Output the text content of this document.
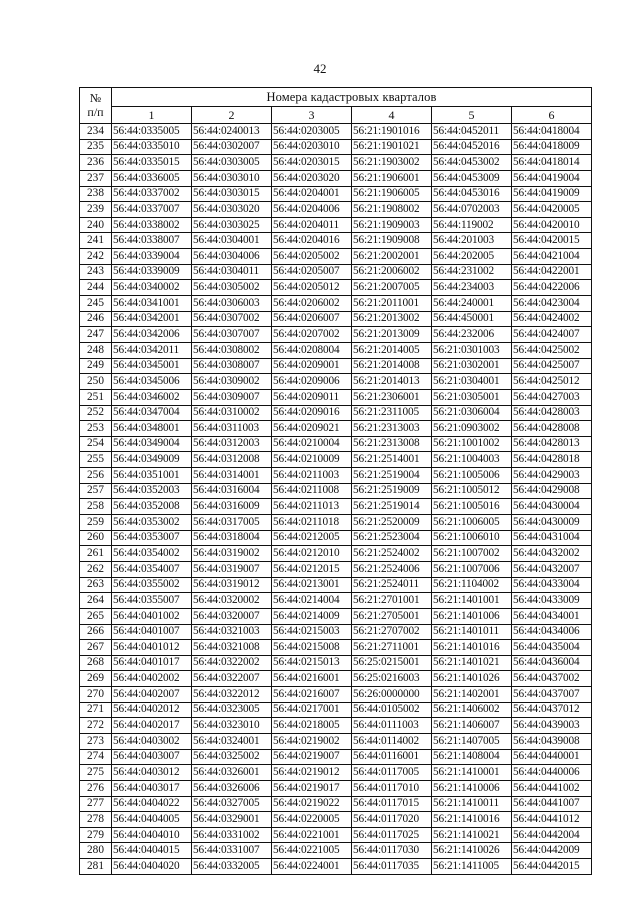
42
№
п/п	Номера кадастровых кварталов					
	1	2	3	4	5	6
234	56:44:0335005	56:44:0240013	56:44:0203005	56:21:1901016	56:44:0452011	56:44:0418004
235	56:44:0335010	56:44:0302007	56:44:0203010	56:21:1901021	56:44:0452016	56:44:0418009
236	56:44:0335015	56:44:0303005	56:44:0203015	56:21:1903002	56:44:0453002	56:44:0418014
237	56:44:0336005	56:44:0303010	56:44:0203020	56:21:1906001	56:44:0453009	56:44:0419004
238	56:44:0337002	56:44:0303015	56:44:0204001	56:21:1906005	56:44:0453016	56:44:0419009
239	56:44:0337007	56:44:0303020	56:44:0204006	56:21:1908002	56:44:0702003	56:44:0420005
240	56:44:0338002	56:44:0303025	56:44:0204011	56:21:1909003	56:44:119002	56:44:0420010
241	56:44:0338007	56:44:0304001	56:44:0204016	56:21:1909008	56:44:201003	56:44:0420015
242	56:44:0339004	56:44:0304006	56:44:0205002	56:21:2002001	56:44:202005	56:44:0421004
243	56:44:0339009	56:44:0304011	56:44:0205007	56:21:2006002	56:44:231002	56:44:0422001
244	56:44:0340002	56:44:0305002	56:44:0205012	56:21:2007005	56:44:234003	56:44:0422006
245	56:44:0341001	56:44:0306003	56:44:0206002	56:21:2011001	56:44:240001	56:44:0423004
246	56:44:0342001	56:44:0307002	56:44:0206007	56:21:2013002	56:44:450001	56:44:0424002
247	56:44:0342006	56:44:0307007	56:44:0207002	56:21:2013009	56:44:232006	56:44:0424007
248	56:44:0342011	56:44:0308002	56:44:0208004	56:21:2014005	56:21:0301003	56:44:0425002
249	56:44:0345001	56:44:0308007	56:44:0209001	56:21:2014008	56:21:0302001	56:44:0425007
250	56:44:0345006	56:44:0309002	56:44:0209006	56:21:2014013	56:21:0304001	56:44:0425012
251	56:44:0346002	56:44:0309007	56:44:0209011	56:21:2306001	56:21:0305001	56:44:0427003
252	56:44:0347004	56:44:0310002	56:44:0209016	56:21:2311005	56:21:0306004	56:44:0428003
253	56:44:0348001	56:44:0311003	56:44:0209021	56:21:2313003	56:21:0903002	56:44:0428008
254	56:44:0349004	56:44:0312003	56:44:0210004	56:21:2313008	56:21:1001002	56:44:0428013
255	56:44:0349009	56:44:0312008	56:44:0210009	56:21:2514001	56:21:1004003	56:44:0428018
256	56:44:0351001	56:44:0314001	56:44:0211003	56:21:2519004	56:21:1005006	56:44:0429003
257	56:44:0352003	56:44:0316004	56:44:0211008	56:21:2519009	56:21:1005012	56:44:0429008
258	56:44:0352008	56:44:0316009	56:44:0211013	56:21:2519014	56:21:1005016	56:44:0430004
259	56:44:0353002	56:44:0317005	56:44:0211018	56:21:2520009	56:21:1006005	56:44:0430009
260	56:44:0353007	56:44:0318004	56:44:0212005	56:21:2523004	56:21:1006010	56:44:0431004
261	56:44:0354002	56:44:0319002	56:44:0212010	56:21:2524002	56:21:1007002	56:44:0432002
262	56:44:0354007	56:44:0319007	56:44:0212015	56:21:2524006	56:21:1007006	56:44:0432007
263	56:44:0355002	56:44:0319012	56:44:0213001	56:21:2524011	56:21:1104002	56:44:0433004
264	56:44:0355007	56:44:0320002	56:44:0214004	56:21:2701001	56:21:1401001	56:44:0433009
265	56:44:0401002	56:44:0320007	56:44:0214009	56:21:2705001	56:21:1401006	56:44:0434001
266	56:44:0401007	56:44:0321003	56:44:0215003	56:21:2707002	56:21:1401011	56:44:0434006
267	56:44:0401012	56:44:0321008	56:44:0215008	56:21:2711001	56:21:1401016	56:44:0435004
268	56:44:0401017	56:44:0322002	56:44:0215013	56:25:0215001	56:21:1401021	56:44:0436004
269	56:44:0402002	56:44:0322007	56:44:0216001	56:25:0216003	56:21:1401026	56:44:0437002
270	56:44:0402007	56:44:0322012	56:44:0216007	56:26:0000000	56:21:1402001	56:44:0437007
271	56:44:0402012	56:44:0323005	56:44:0217001	56:44:0105002	56:21:1406002	56:44:0437012
272	56:44:0402017	56:44:0323010	56:44:0218005	56:44:0111003	56:21:1406007	56:44:0439003
273	56:44:0403002	56:44:0324001	56:44:0219002	56:44:0114002	56:21:1407005	56:44:0439008
274	56:44:0403007	56:44:0325002	56:44:0219007	56:44:0116001	56:21:1408004	56:44:0440001
275	56:44:0403012	56:44:0326001	56:44:0219012	56:44:0117005	56:21:1410001	56:44:0440006
276	56:44:0403017	56:44:0326006	56:44:0219017	56:44:0117010	56:21:1410006	56:44:0441002
277	56:44:0404022	56:44:0327005	56:44:0219022	56:44:0117015	56:21:1410011	56:44:0441007
278	56:44:0404005	56:44:0329001	56:44:0220005	56:44:0117020	56:21:1410016	56:44:0441012
279	56:44:0404010	56:44:0331002	56:44:0221001	56:44:0117025	56:21:1410021	56:44:0442004
280	56:44:0404015	56:44:0331007	56:44:0221005	56:44:0117030	56:21:1410026	56:44:0442009
281	56:44:0404020	56:44:0332005	56:44:0224001	56:44:0117035	56:21:1411005	56:44:0442015
